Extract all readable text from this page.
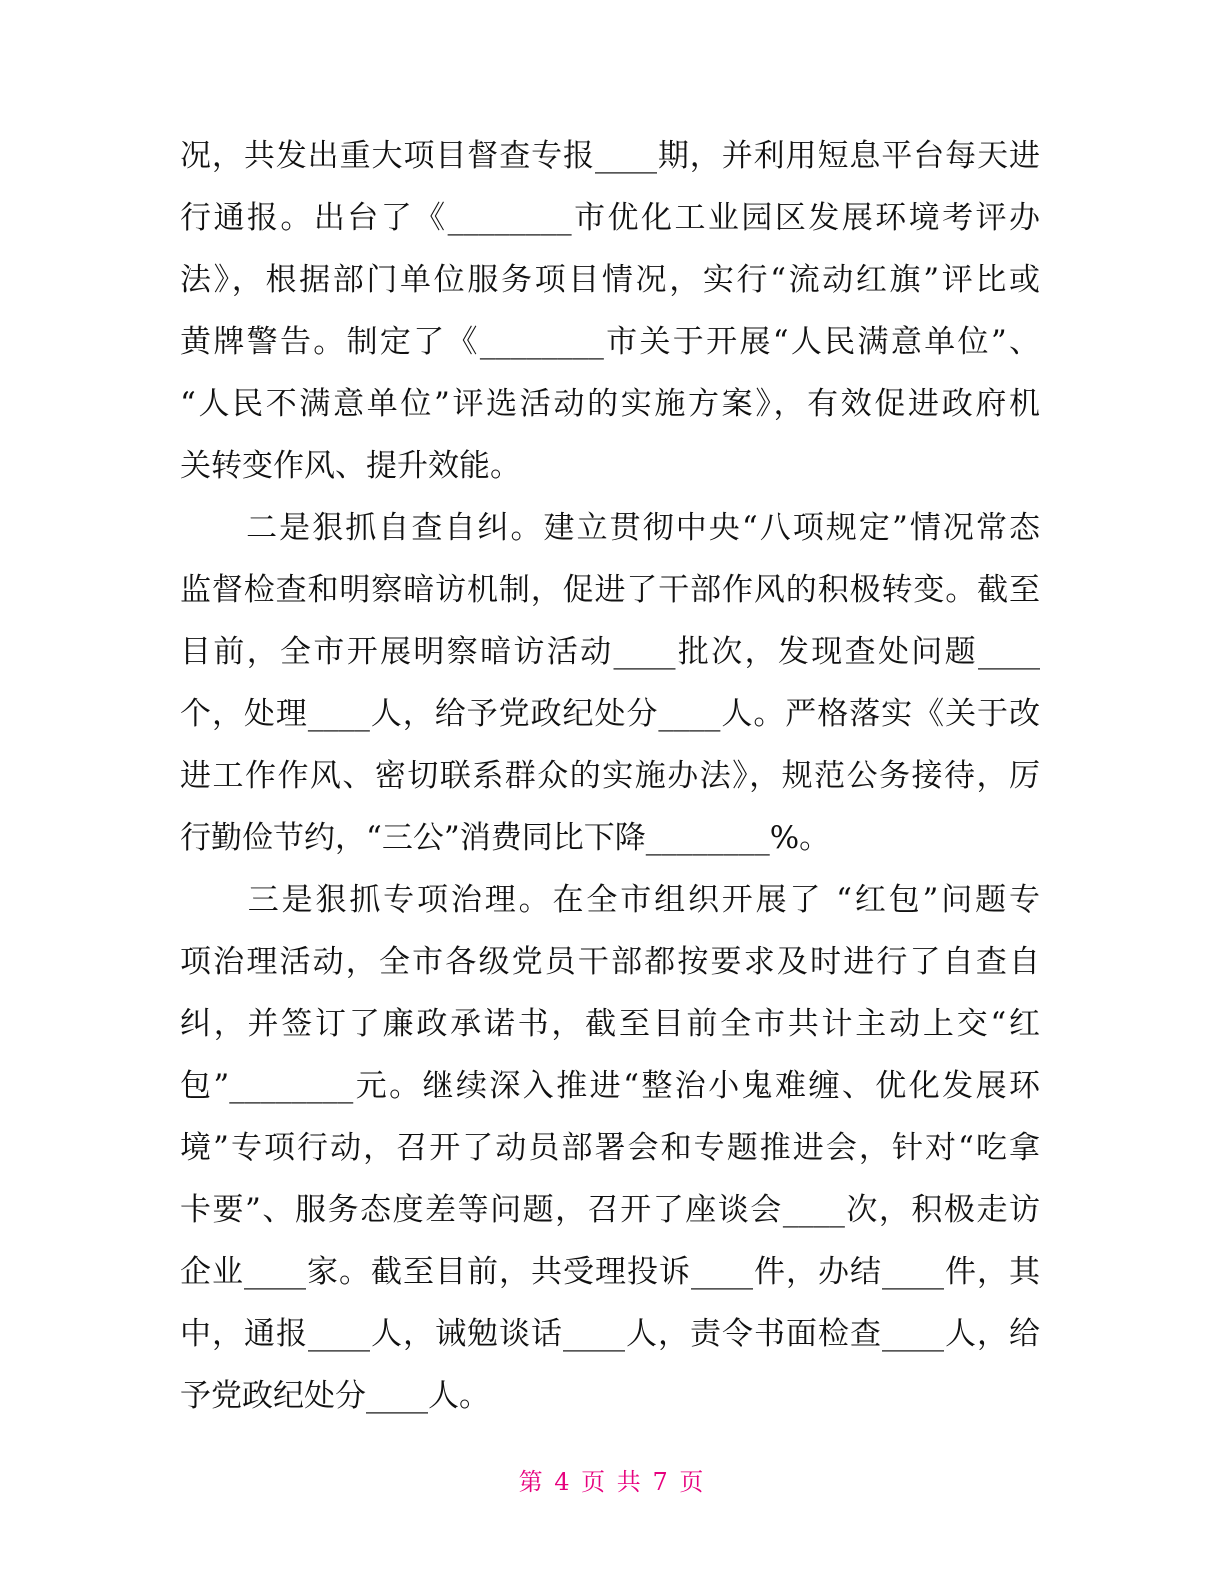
况，共发出重大项目督查专报____期，并利用短息平台每天进
行通报。出台了《________市优化工业园区发展环境考评办
法》，根据部门单位服务项目情况，实行“流动红旗”评比或
黄牌警告。制定了《________市关于开展“人民满意单位”、
“人民不满意单位”评选活动的实施方案》，有效促进政府机
关转变作风、提升效能。
　　二是狠抓自查自纠。建立贯彻中央“八项规定”情况常态
监督检查和明察暗访机制，促进了干部作风的积极转变。截至
目前，全市开展明察暗访活动____批次，发现查处问题____
个，处理____人，给予党政纪处分____人。严格落实《关于改
进工作作风、密切联系群众的实施办法》，规范公务接待，厉
行勤俭节约，“三公”消费同比下降________%。
　　三是狠抓专项治理。在全市组织开展了 “红包”问题专
项治理活动，全市各级党员干部都按要求及时进行了自查自
纠，并签订了廉政承诺书，截至目前全市共计主动上交“红
包”________元。继续深入推进“整治小鬼难缠、优化发展环
境”专项行动，召开了动员部署会和专题推进会，针对“吃拿
卡要”、服务态度差等问题，召开了座谈会____次，积极走访
企业____家。截至目前，共受理投诉____件，办结____件，其
中，通报____人，诫勉谈话____人，责令书面检查____人，给
予党政纪处分____人。
第 4 页 共 7 页
